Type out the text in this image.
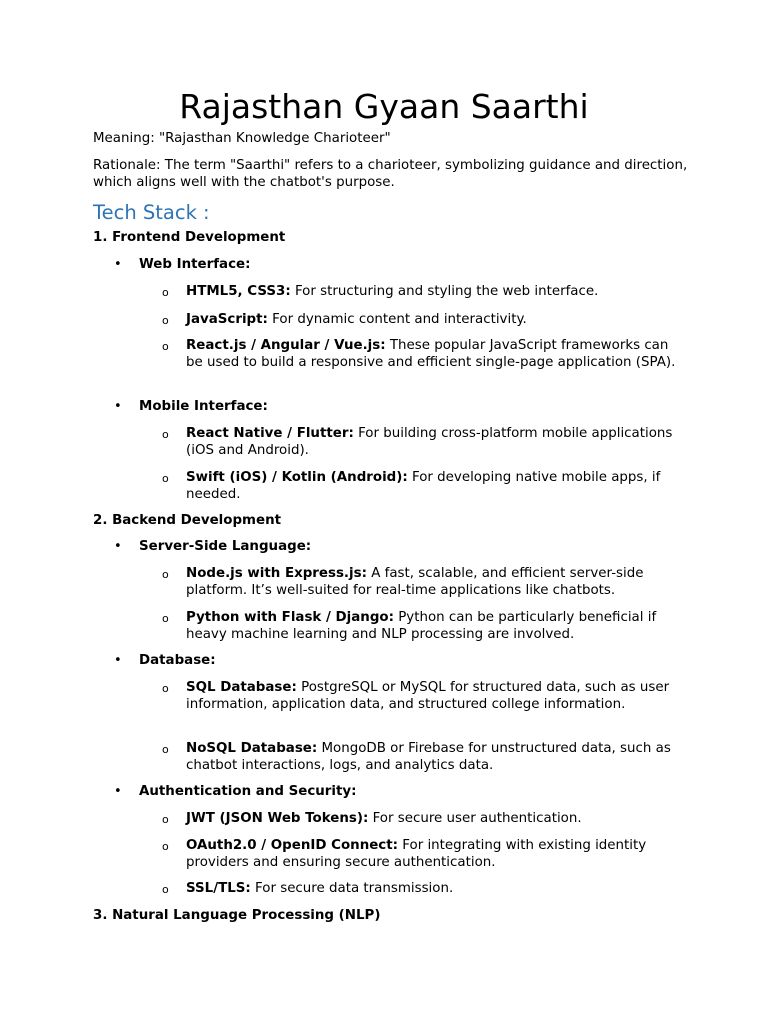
Rajasthan Gyaan Saarthi
Meaning: "Rajasthan Knowledge Charioteer"
Rationale: The term "Saarthi" refers to a charioteer, symbolizing guidance and direction, which aligns well with the chatbot's purpose.
Tech Stack :
1. Frontend Development
• Web Interface:
o HTML5, CSS3: For structuring and styling the web interface.
o JavaScript: For dynamic content and interactivity.
o React.js / Angular / Vue.js: These popular JavaScript frameworks can be used to build a responsive and efficient single-page application (SPA).
• Mobile Interface:
o React Native / Flutter: For building cross-platform mobile applications (iOS and Android).
o Swift (iOS) / Kotlin (Android): For developing native mobile apps, if needed.
2. Backend Development
• Server-Side Language:
o Node.js with Express.js: A fast, scalable, and efficient server-side platform. It’s well-suited for real-time applications like chatbots.
o Python with Flask / Django: Python can be particularly beneficial if heavy machine learning and NLP processing are involved.
• Database:
o SQL Database: PostgreSQL or MySQL for structured data, such as user information, application data, and structured college information.
o NoSQL Database: MongoDB or Firebase for unstructured data, such as chatbot interactions, logs, and analytics data.
• Authentication and Security:
o JWT (JSON Web Tokens): For secure user authentication.
o OAuth2.0 / OpenID Connect: For integrating with existing identity providers and ensuring secure authentication.
o SSL/TLS: For secure data transmission.
3. Natural Language Processing (NLP)
